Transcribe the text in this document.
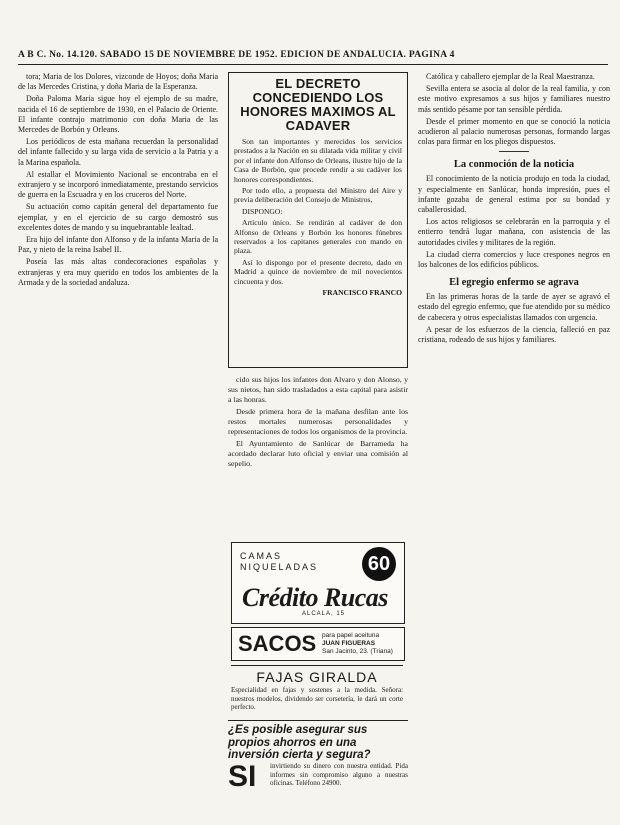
A B C. No. 14.120. SABADO 15 DE NOVIEMBRE DE 1952. EDICION DE ANDALUCIA. PAGINA 4

tora; Maria de los Dolores, vizconde de Hoyos; doña Maria de las Mercedes Cristina, y doña Maria de la Esperanza.

Doña Paloma Maria sigue hoy el ejemplo de su madre, nacida el 16 de septiembre de 1930, en el Palacio de Oriente. El infante contrajo matrimonio con doña Maria de las Mercedes de Borbón y Orleans.

Los periódicos de esta mañana recuerdan la personalidad del infante fallecido y su larga vida de servicio a la Patria y a la Marina española.

Al estallar el Movimiento Nacional se encontraba en el extranjero y se incorporó inmediatamente, prestando servicios de guerra en la Escuadra y en los cruceros del Norte.

Su actuación como capitán general del departamento fue ejemplar, y en el ejercicio de su cargo demostró sus excelentes dotes de mando y su inquebrantable lealtad.

Era hijo del infante don Alfonso y de la infanta Maria de la Paz, y nieto de la reina Isabel II.

Poseía las más altas condecoraciones españolas y extranjeras y era muy querido en todos los ambientes de la Armada y de la sociedad andaluza.

EL DECRETO CONCEDIENDO LOS HONORES MAXIMOS AL CADAVER

Son tan importantes y merecidos los servicios prestados a la Nación en su dilatada vida militar y civil por el infante don Alfonso de Orleans, ilustre hijo de la Casa de Borbón, que procede rendir a su cadáver los honores correspondientes.

Por todo ello, a propuesta del Ministro del Aire y previa deliberación del Consejo de Ministros,

DISPONGO:

Artículo único. Se rendirán al cadáver de don Alfonso de Orleans y Borbón los honores fúnebres reservados a los capitanes generales con mando en plaza.

Así lo dispongo por el presente decreto, dado en Madrid a quince de noviembre de mil novecientos cincuenta y dos.

FRANCISCO FRANCO

cido sus hijos los infantes don Alvaro y don Alonso, y sus nietos, han sido trasladados a esta capital para asistir a las honras.

Desde primera hora de la mañana desfilan ante los restos mortales numerosas personalidades y representaciones de todos los organismos de la provincia.

El Ayuntamiento de Sanlúcar de Barrameda ha acordado declarar luto oficial y enviar una comisión al sepelio.

CAMAS
NIQUELADAS 60
Crédito Rucas
ALCALA, 15
SACOS para papel aceituna
JUAN FIGUERAS
San Jacinto, 23. (Triana)
FAJAS GIRALDA
Especialidad en fajas y sostenes a la medida. Señora: nuestros modelos, dividendo ser corsetería, le dará un corte perfecto.
¿Es posible asegurar sus propios ahorros en una inversión cierta y segura?
SI invirtiendo su dinero con nuestra entidad. Pida informes sin compromiso alguno a nuestras oficinas. Teléfono 24900.

Católica y caballero ejemplar de la Real Maestranza.

Sevilla entera se asocia al dolor de la real familia, y con este motivo expresamos a sus hijos y familiares nuestro más sentido pésame por tan sensible pérdida.

Desde el primer momento en que se conoció la noticia acudieron al palacio numerosas personas, formando largas colas para firmar en los pliegos dispuestos.

La conmoción de la noticia

El conocimiento de la noticia produjo en toda la ciudad, y especialmente en Sanlúcar, honda impresión, pues el infante gozaba de general estima por su bondad y caballerosidad.

Los actos religiosos se celebrarán en la parroquia y el entierro tendrá lugar mañana, con asistencia de las autoridades civiles y militares de la región.

La ciudad cierra comercios y luce crespones negros en los balcones de los edificios públicos.

El egregio enfermo se agrava

En las primeras horas de la tarde de ayer se agravó el estado del egregio enfermo, que fue atendido por su médico de cabecera y otros especialistas llamados con urgencia.

A pesar de los esfuerzos de la ciencia, falleció en paz cristiana, rodeado de sus hijos y familiares.
